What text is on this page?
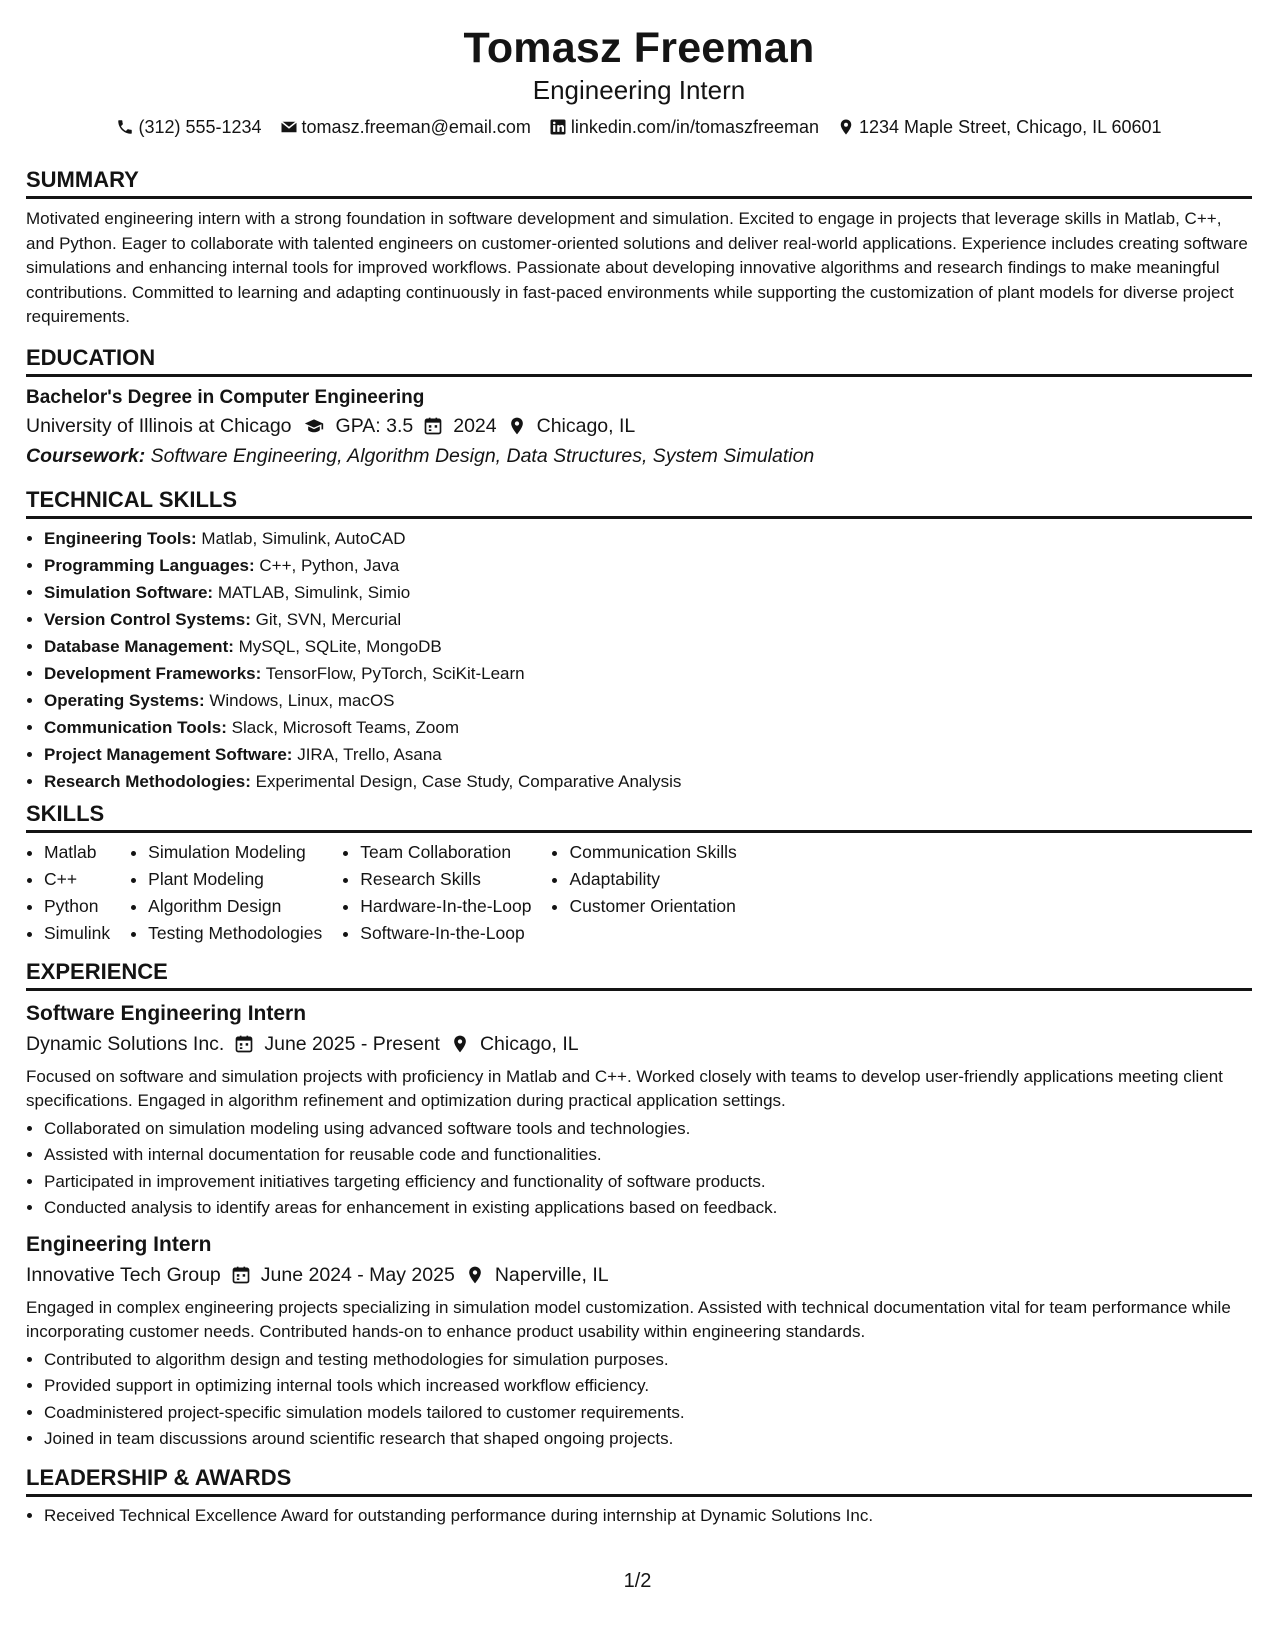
Tomasz Freeman
Engineering Intern
(312) 555-1234 tomasz.freeman@email.com linkedin.com/in/tomaszfreeman 1234 Maple Street, Chicago, IL 60601
SUMMARY
Motivated engineering intern with a strong foundation in software development and simulation. Excited to engage in projects that leverage skills in Matlab, C++, and Python. Eager to collaborate with talented engineers on customer-oriented solutions and deliver real-world applications. Experience includes creating software simulations and enhancing internal tools for improved workflows. Passionate about developing innovative algorithms and research findings to make meaningful contributions. Committed to learning and adapting continuously in fast-paced environments while supporting the customization of plant models for diverse project requirements.
EDUCATION
Bachelor's Degree in Computer Engineering
University of Illinois at Chicago GPA: 3.5 2024 Chicago, IL
Coursework: Software Engineering, Algorithm Design, Data Structures, System Simulation
TECHNICAL SKILLS
• Engineering Tools: Matlab, Simulink, AutoCAD
• Programming Languages: C++, Python, Java
• Simulation Software: MATLAB, Simulink, Simio
• Version Control Systems: Git, SVN, Mercurial
• Database Management: MySQL, SQLite, MongoDB
• Development Frameworks: TensorFlow, PyTorch, SciKit-Learn
• Operating Systems: Windows, Linux, macOS
• Communication Tools: Slack, Microsoft Teams, Zoom
• Project Management Software: JIRA, Trello, Asana
• Research Methodologies: Experimental Design, Case Study, Comparative Analysis
SKILLS
• Matlab
• C++
• Python
• Simulink
• Simulation Modeling
• Plant Modeling
• Algorithm Design
• Testing Methodologies
• Team Collaboration
• Research Skills
• Hardware-In-the-Loop
• Software-In-the-Loop
• Communication Skills
• Adaptability
• Customer Orientation
EXPERIENCE
Software Engineering Intern
Dynamic Solutions Inc. June 2025 - Present Chicago, IL
Focused on software and simulation projects with proficiency in Matlab and C++. Worked closely with teams to develop user-friendly applications meeting client specifications. Engaged in algorithm refinement and optimization during practical application settings.
• Collaborated on simulation modeling using advanced software tools and technologies.
• Assisted with internal documentation for reusable code and functionalities.
• Participated in improvement initiatives targeting efficiency and functionality of software products.
• Conducted analysis to identify areas for enhancement in existing applications based on feedback.
Engineering Intern
Innovative Tech Group June 2024 - May 2025 Naperville, IL
Engaged in complex engineering projects specializing in simulation model customization. Assisted with technical documentation vital for team performance while incorporating customer needs. Contributed hands-on to enhance product usability within engineering standards.
• Contributed to algorithm design and testing methodologies for simulation purposes.
• Provided support in optimizing internal tools which increased workflow efficiency.
• Coadministered project-specific simulation models tailored to customer requirements.
• Joined in team discussions around scientific research that shaped ongoing projects.
LEADERSHIP & AWARDS
• Received Technical Excellence Award for outstanding performance during internship at Dynamic Solutions Inc.
1/2
